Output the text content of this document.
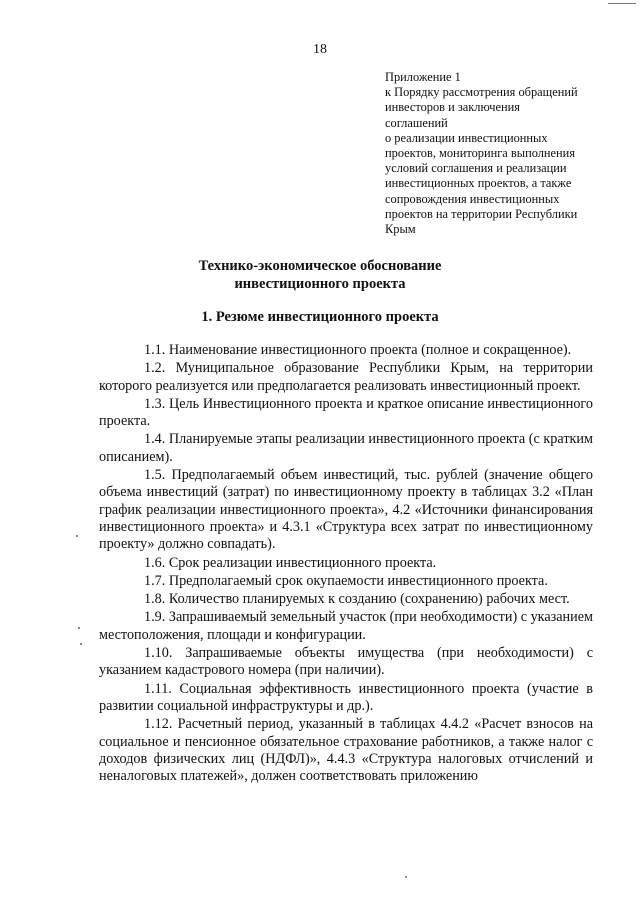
18
Приложение 1
к Порядку рассмотрения обращений
инвесторов и заключения
соглашений
о реализации инвестиционных
проектов, мониторинга выполнения
условий соглашения и реализации
инвестиционных проектов, а также
сопровождения инвестиционных
проектов на территории Республики
Крым
Технико-экономическое обоснование
инвестиционного проекта
1. Резюме инвестиционного проекта

1.1. Наименование инвестиционного проекта (полное и сокращенное).

1.2. Муниципальное образование Республики Крым, на территории которого реализуется или предполагается реализовать инвестиционный проект.

1.3. Цель Инвестиционного проекта и краткое описание инвестиционного проекта.

1.4. Планируемые этапы реализации инвестиционного проекта (с кратким описанием).

1.5. Предполагаемый объем инвестиций, тыс. рублей (значение общего объема инвестиций (затрат) по инвестиционному проекту в таблицах 3.2 «План график реализации инвестиционного проекта», 4.2 «Источники финансирования инвестиционного проекта» и 4.3.1 «Структура всех затрат по инвестиционному проекту» должно совпадать).

1.6. Срок реализации инвестиционного проекта.

1.7. Предполагаемый срок окупаемости инвестиционного проекта.

1.8. Количество планируемых к созданию (сохранению) рабочих мест.

1.9. Запрашиваемый земельный участок (при необходимости) с указанием местоположения, площади и конфигурации.

1.10. Запрашиваемые объекты имущества (при необходимости) с указанием кадастрового номера (при наличии).

1.11. Социальная эффективность инвестиционного проекта (участие в развитии социальной инфраструктуры и др.).

1.12. Расчетный период, указанный в таблицах 4.4.2 «Расчет взносов на социальное и пенсионное обязательное страхование работников, а также налог с доходов физических лиц (НДФЛ)», 4.4.3 «Структура налоговых отчислений и неналоговых платежей», должен соответствовать приложению
